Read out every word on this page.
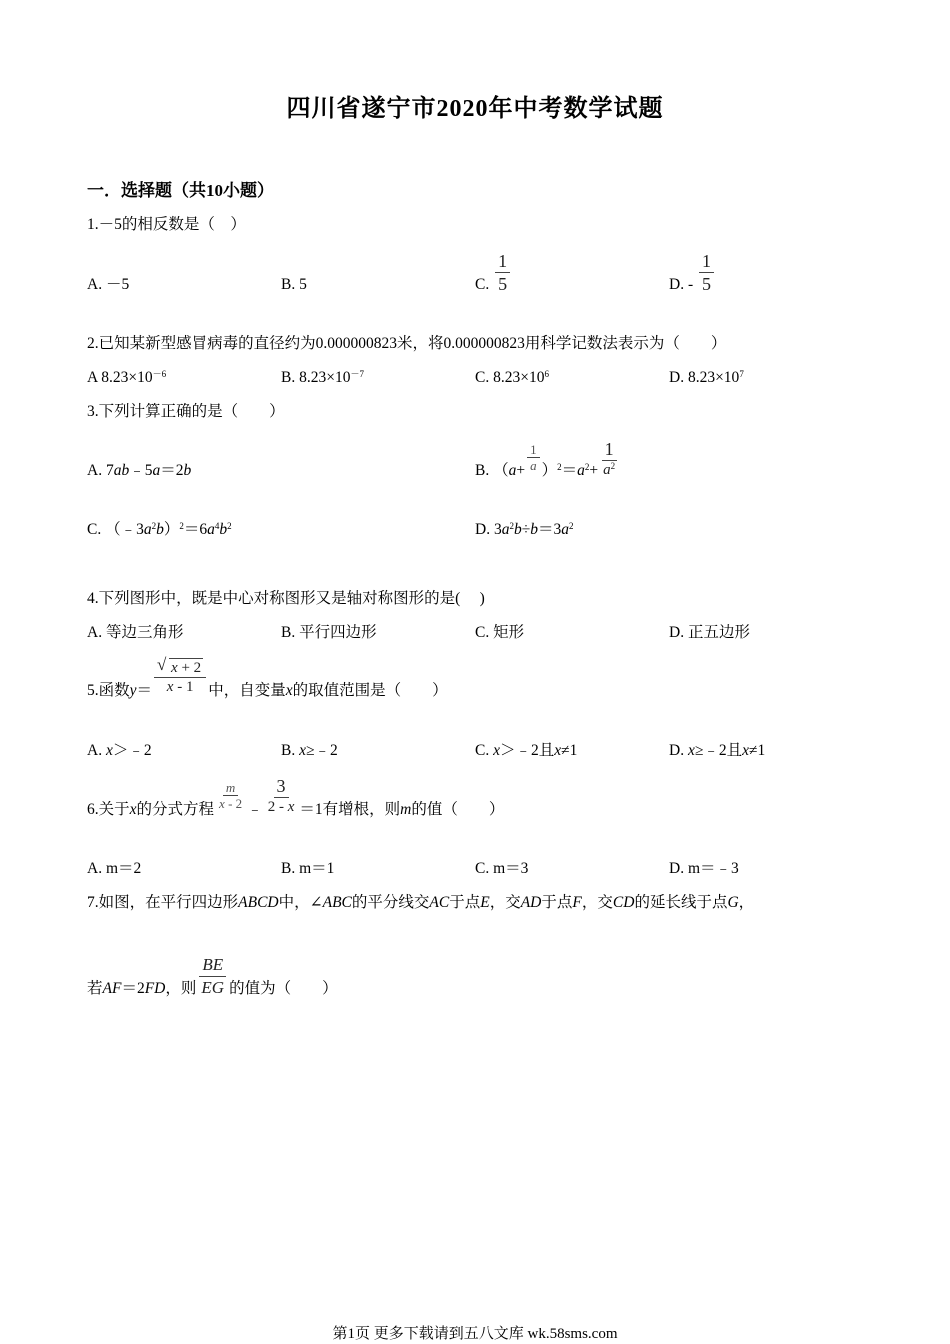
四川省遂宁市2020年中考数学试题
一．选择题（共10小题）
1.－5的相反数是（　）
A. －5	B. 5	C. $\frac{1}{5}$	D. - $\frac{1}{5}$
2.已知某新型感冒病毒的直径约为0.000000823米，将0.000000823用科学记数法表示为（　　）
A $8.23\times 10^{-6}$	B. $8.23\times 10^{-7}$	C. $8.23\times 10^6$	D. $8.23\times 10^7$
3.下列计算正确的是（　　）
A. 7ab﹣5a＝2b	B. $(a+ \frac{1}{a} )^2=a^2+ \frac{1}{a^2}$
C. $(﹣3a^2b)^2=6a^4b^2$	D. $3a^2b\div b=3a^2$
4.下列图形中，既是中心对称图形又是轴对称图形的是(　 )
A. 等边三角形	B. 平行四边形	C. 矩形	D. 正五边形
5.函数y＝ √ $\frac{x + 2}{x - 1}$ 中，自变量x的取值范围是（　　）
A. x＞﹣2	B. x≥﹣2	C. x＞﹣2且x≠1	D. x≥﹣2且x≠1
6.关于x的分式方程 $\frac{m}{x - 2}$ ﹣ $\frac{3}{2 - x} =1$有增根，则m的值（　　）
A. m＝2	B. m＝1	C. m＝3	D. m＝﹣3
7.如图，在平行四边形ABCD中，∠ABC的平分线交AC于点E，交AD于点F，交CD的延长线于点G，
若AF＝2FD，则 $\frac{BE}{EG}$ 的值为（　　）
第1页 更多下载请到五八文库 wk.58sms.com
